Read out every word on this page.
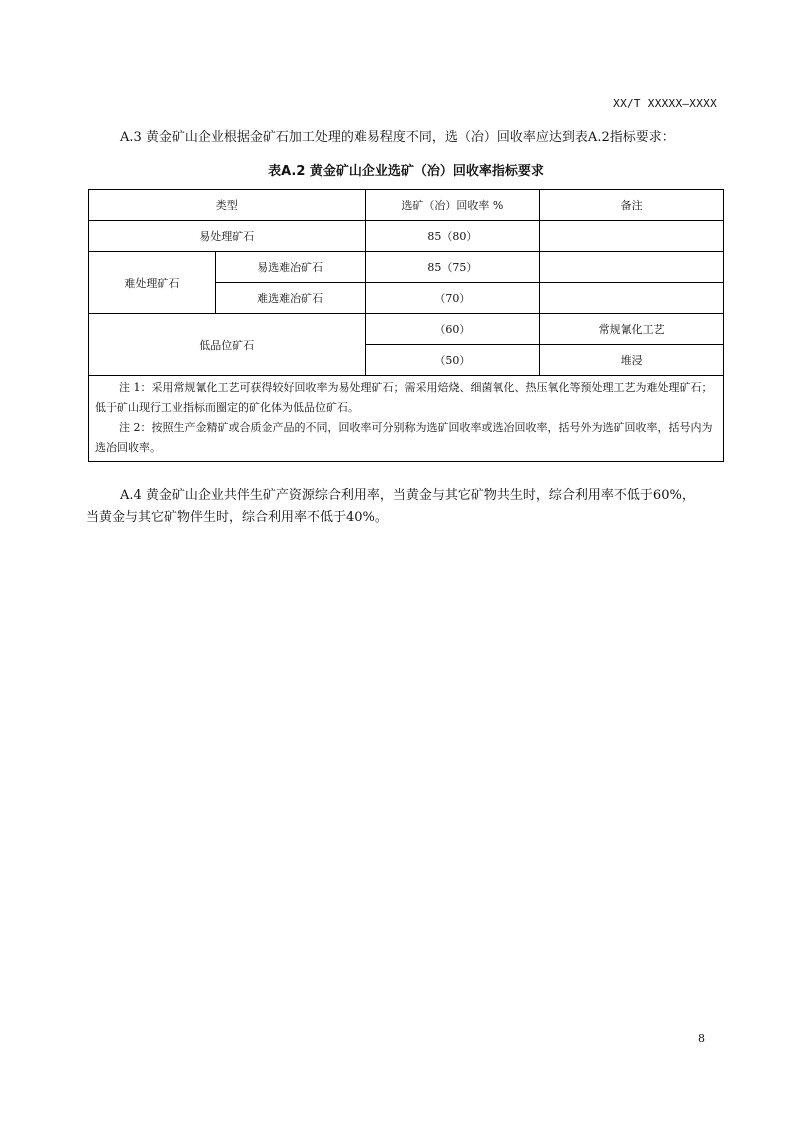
XX/T XXXXX—XXXX
A.3 黄金矿山企业根据金矿石加工处理的难易程度不同，选（冶）回收率应达到表A.2指标要求：
表A.2 黄金矿山企业选矿（冶）回收率指标要求
类型		选矿（冶）回收率 %	备注
易处理矿石		85（80）	
难处理矿石	易选难冶矿石	85（75）	
	难选难冶矿石	（70）	
低品位矿石		（60）	常规氰化工艺
		（50）	堆浸

注 1：采用常规氰化工艺可获得较好回收率为易处理矿石；需采用焙烧、细菌氧化、热压氧化等预处理工艺为难处理矿石；低于矿山现行工业指标而圈定的矿化体为低品位矿石。
注 2：按照生产金精矿或合质金产品的不同，回收率可分别称为选矿回收率或选冶回收率，括号外为选矿回收率，括号内为选冶回收率。			
A.4 黄金矿山企业共伴生矿产资源综合利用率，当黄金与其它矿物共生时，综合利用率不低于60%，
当黄金与其它矿物伴生时，综合利用率不低于40%。
8
